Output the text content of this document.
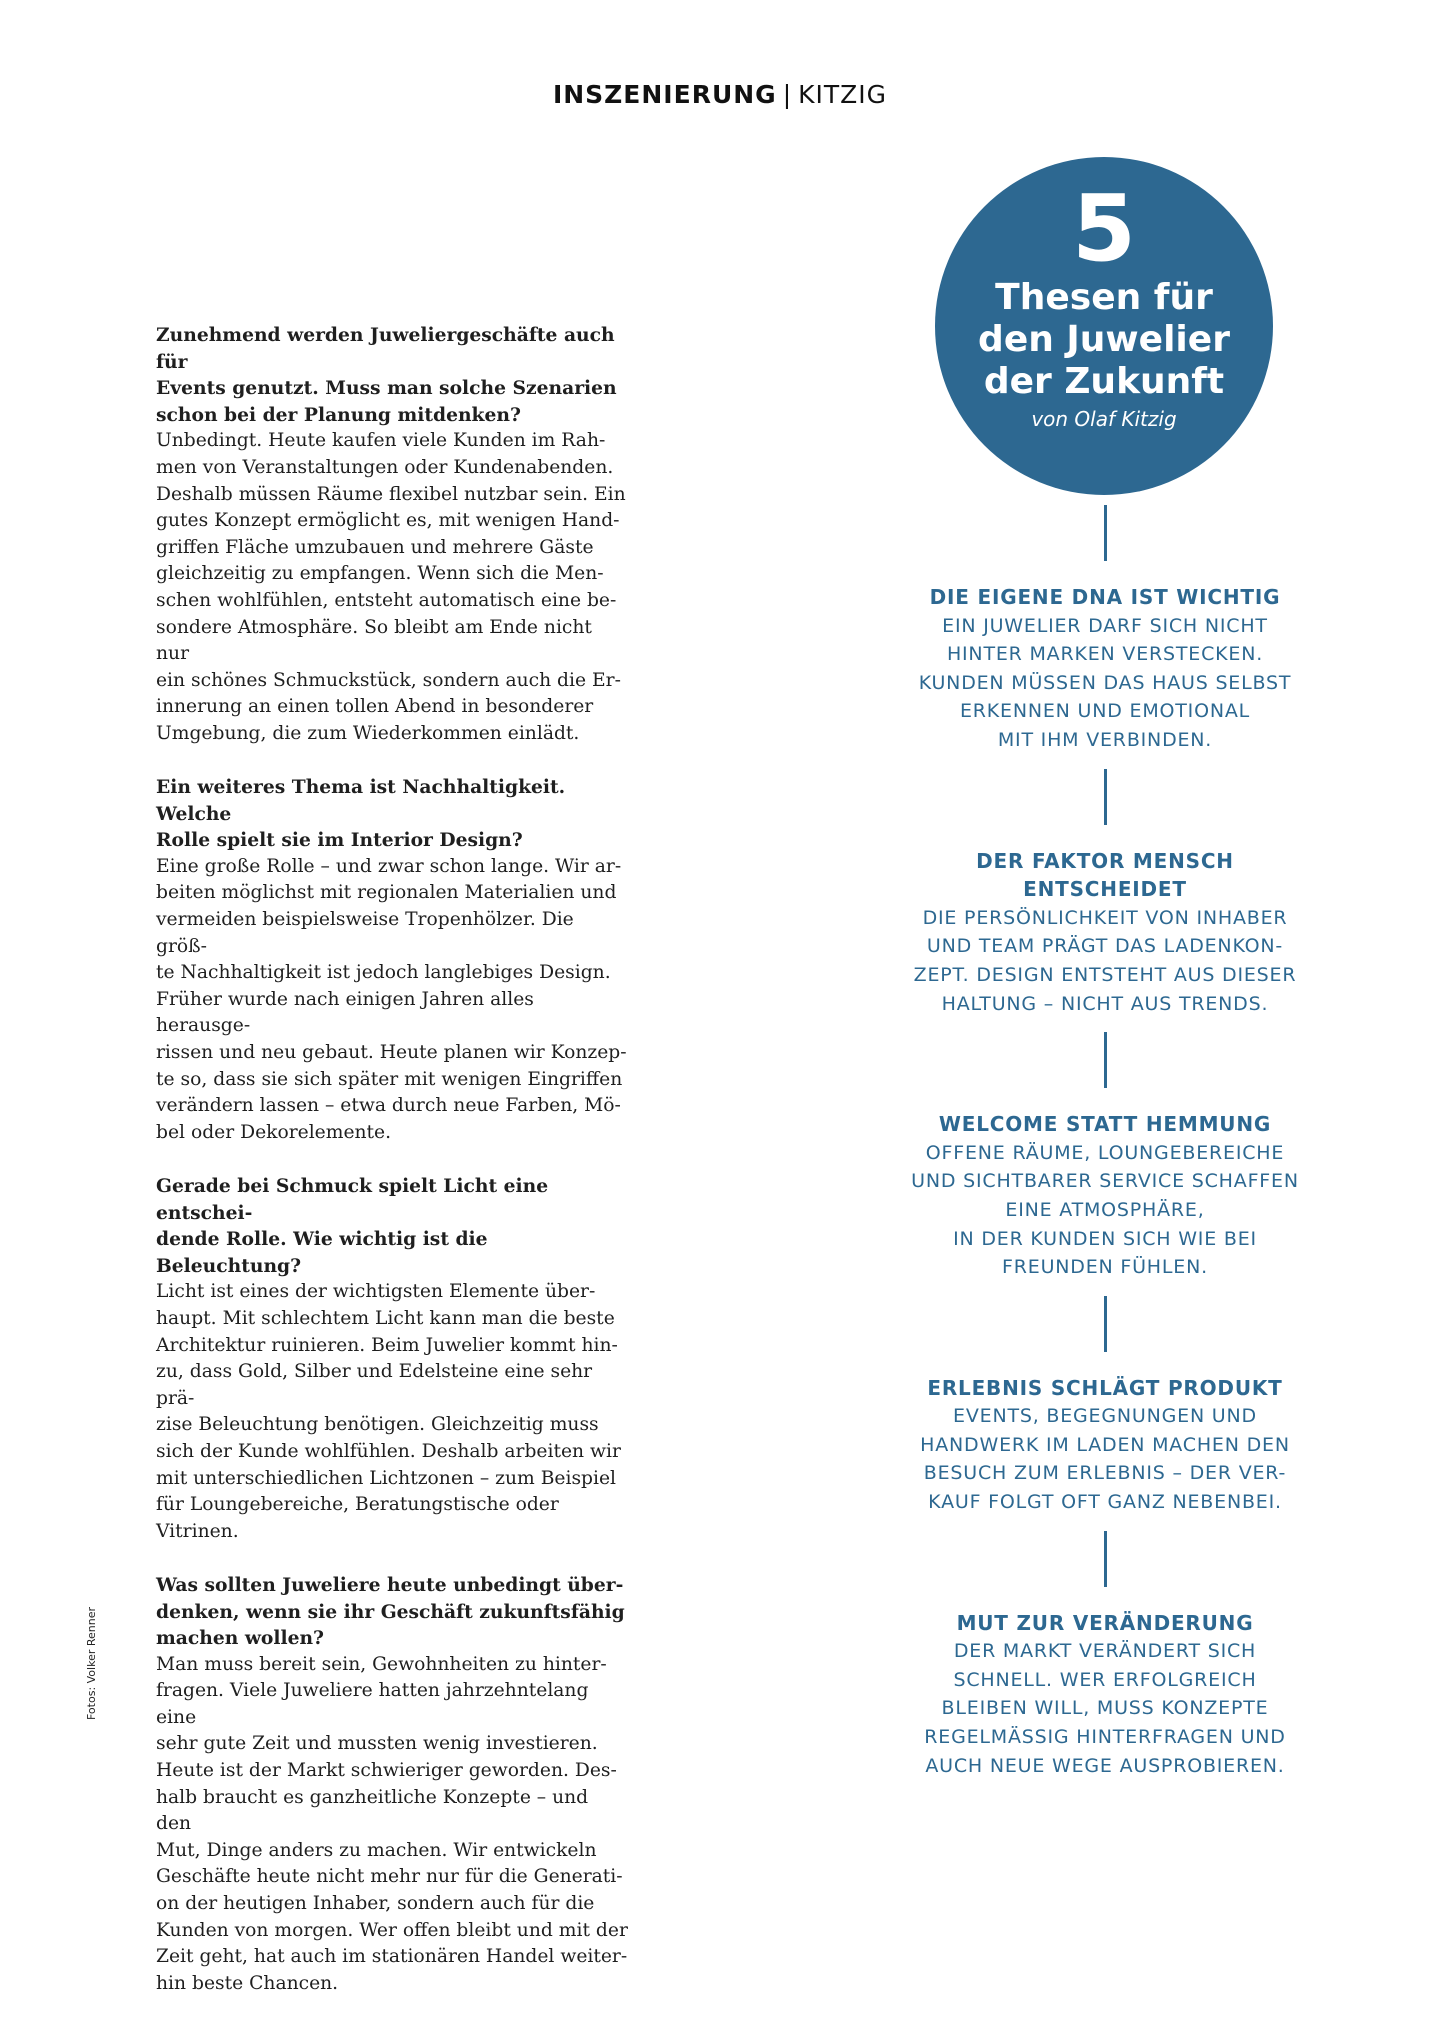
INSZENIERUNG | KITZIG

Zunehmend werden Juweliergeschäfte auch für
Events genutzt. Muss man solche Szenarien
schon bei der Planung mitdenken?

Unbedingt. Heute kaufen viele Kunden im Rah-
men von Veranstaltungen oder Kundenabenden.
Deshalb müssen Räume flexibel nutzbar sein. Ein
gutes Konzept ermöglicht es, mit wenigen Hand-
griffen Fläche umzubauen und mehrere Gäste
gleichzeitig zu empfangen. Wenn sich die Men-
schen wohlfühlen, entsteht automatisch eine be-
sondere Atmosphäre. So bleibt am Ende nicht nur
ein schönes Schmuckstück, sondern auch die Er-
innerung an einen tollen Abend in besonderer
Umgebung, die zum Wiederkommen einlädt.

Ein weiteres Thema ist Nachhaltigkeit. Welche
Rolle spielt sie im Interior Design?

Eine große Rolle – und zwar schon lange. Wir ar-
beiten möglichst mit regionalen Materialien und
vermeiden beispielsweise Tropenhölzer. Die größ-
te Nachhaltigkeit ist jedoch langlebiges Design.
Früher wurde nach einigen Jahren alles herausge-
rissen und neu gebaut. Heute planen wir Konzep-
te so, dass sie sich später mit wenigen Eingriffen
verändern lassen – etwa durch neue Farben, Mö-
bel oder Dekorelemente.

Gerade bei Schmuck spielt Licht eine entschei-
dende Rolle. Wie wichtig ist die Beleuchtung?

Licht ist eines der wichtigsten Elemente über-
haupt. Mit schlechtem Licht kann man die beste
Architektur ruinieren. Beim Juwelier kommt hin-
zu, dass Gold, Silber und Edelsteine eine sehr prä-
zise Beleuchtung benötigen. Gleichzeitig muss
sich der Kunde wohlfühlen. Deshalb arbeiten wir
mit unterschiedlichen Lichtzonen – zum Beispiel
für Loungebereiche, Beratungstische oder
Vitrinen.

Was sollten Juweliere heute unbedingt über-
denken, wenn sie ihr Geschäft zukunftsfähig
machen wollen?

Man muss bereit sein, Gewohnheiten zu hinter-
fragen. Viele Juweliere hatten jahrzehntelang eine
sehr gute Zeit und mussten wenig investieren.
Heute ist der Markt schwieriger geworden. Des-
halb braucht es ganzheitliche Konzepte – und den
Mut, Dinge anders zu machen. Wir entwickeln
Geschäfte heute nicht mehr nur für die Generati-
on der heutigen Inhaber, sondern auch für die
Kunden von morgen. Wer offen bleibt und mit der
Zeit geht, hat auch im stationären Handel weiter-
hin beste Chancen.

Fotos: Volker Renner
5
Thesen für
den Juwelier
der Zukunft
von Olaf Kitzig
DIE EIGENE DNA IST WICHTIG
EIN JUWELIER DARF SICH NICHT
HINTER MARKEN VERSTECKEN.
KUNDEN MÜSSEN DAS HAUS SELBST
ERKENNEN UND EMOTIONAL
MIT IHM VERBINDEN.
DER FAKTOR MENSCH ENTSCHEIDET
DIE PERSÖNLICHKEIT VON INHABER
UND TEAM PRÄGT DAS LADENKON-
ZEPT. DESIGN ENTSTEHT AUS DIESER
HALTUNG – NICHT AUS TRENDS.
WELCOME STATT HEMMUNG
OFFENE RÄUME, LOUNGEBEREICHE
UND SICHTBARER SERVICE SCHAFFEN
EINE ATMOSPHÄRE,
IN DER KUNDEN SICH WIE BEI
FREUNDEN FÜHLEN.
ERLEBNIS SCHLÄGT PRODUKT
EVENTS, BEGEGNUNGEN UND
HANDWERK IM LADEN MACHEN DEN
BESUCH ZUM ERLEBNIS – DER VER-
KAUF FOLGT OFT GANZ NEBENBEI.
MUT ZUR VERÄNDERUNG
DER MARKT VERÄNDERT SICH
SCHNELL. WER ERFOLGREICH
BLEIBEN WILL, MUSS KONZEPTE
REGELMÄSSIG HINTERFRAGEN UND
AUCH NEUE WEGE AUSPROBIEREN.
